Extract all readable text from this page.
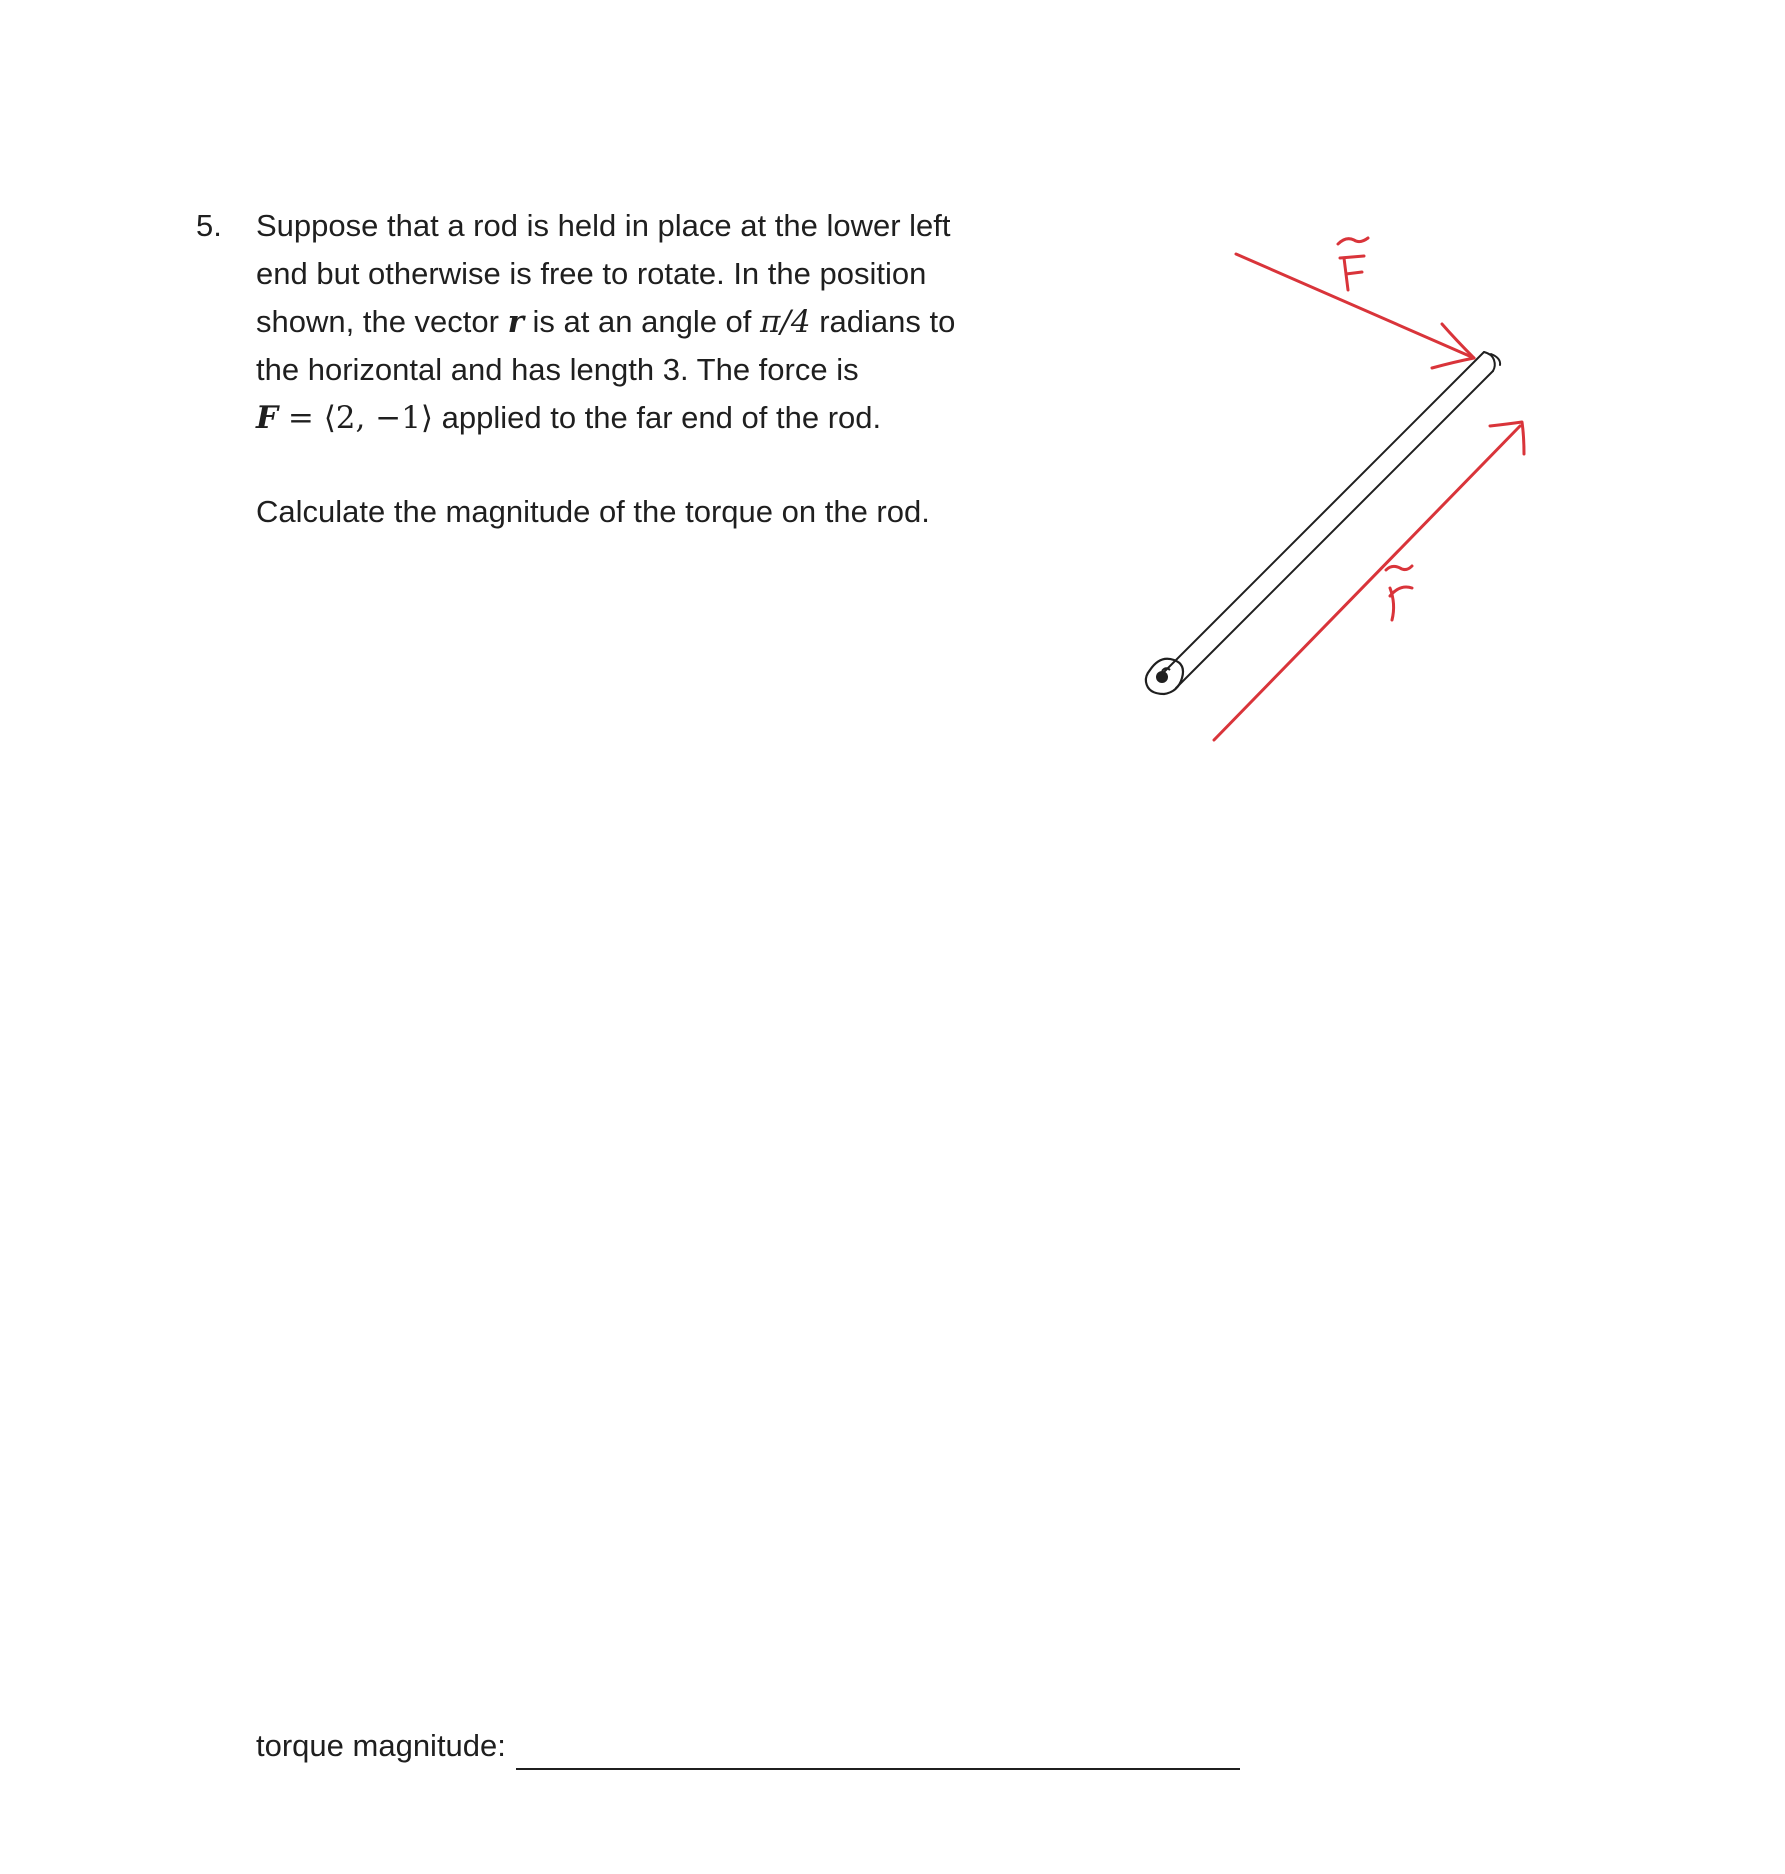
5. Suppose that a rod is held in place at the lower left
end but otherwise is free to rotate. In the position
shown, the vector r is at an angle of π/4 radians to
the horizontal and has length 3. The force is
F = ⟨2, −1⟩ applied to the far end of the rod.
Calculate the magnitude of the torque on the rod.
torque magnitude:
F
r
